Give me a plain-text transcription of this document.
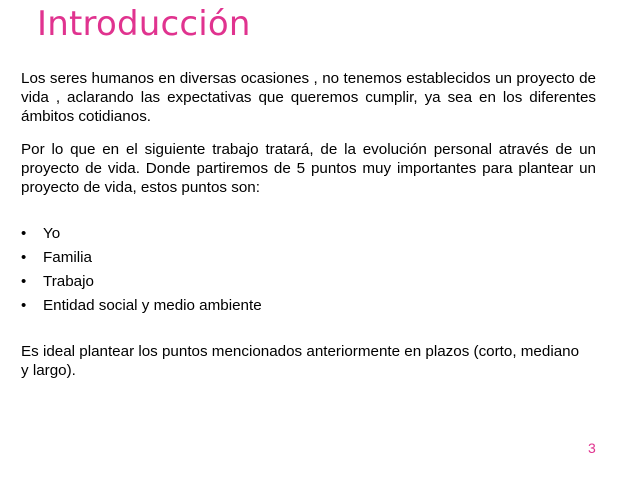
Introducción

Los seres humanos en diversas ocasiones , no tenemos establecidos un proyecto de vida , aclarando las expectativas que queremos cumplir, ya sea en los diferentes ámbitos cotidianos.

Por lo que en el siguiente trabajo tratará, de la evolución personal através de un proyecto de vida. Donde partiremos de 5 puntos muy importantes para plantear un proyecto de vida, estos puntos son:

•	Yo
•	Familia
•	Trabajo
•	Entidad social y medio ambiente

Es ideal plantear los puntos mencionados anteriormente en plazos (corto, mediano y largo).

3
